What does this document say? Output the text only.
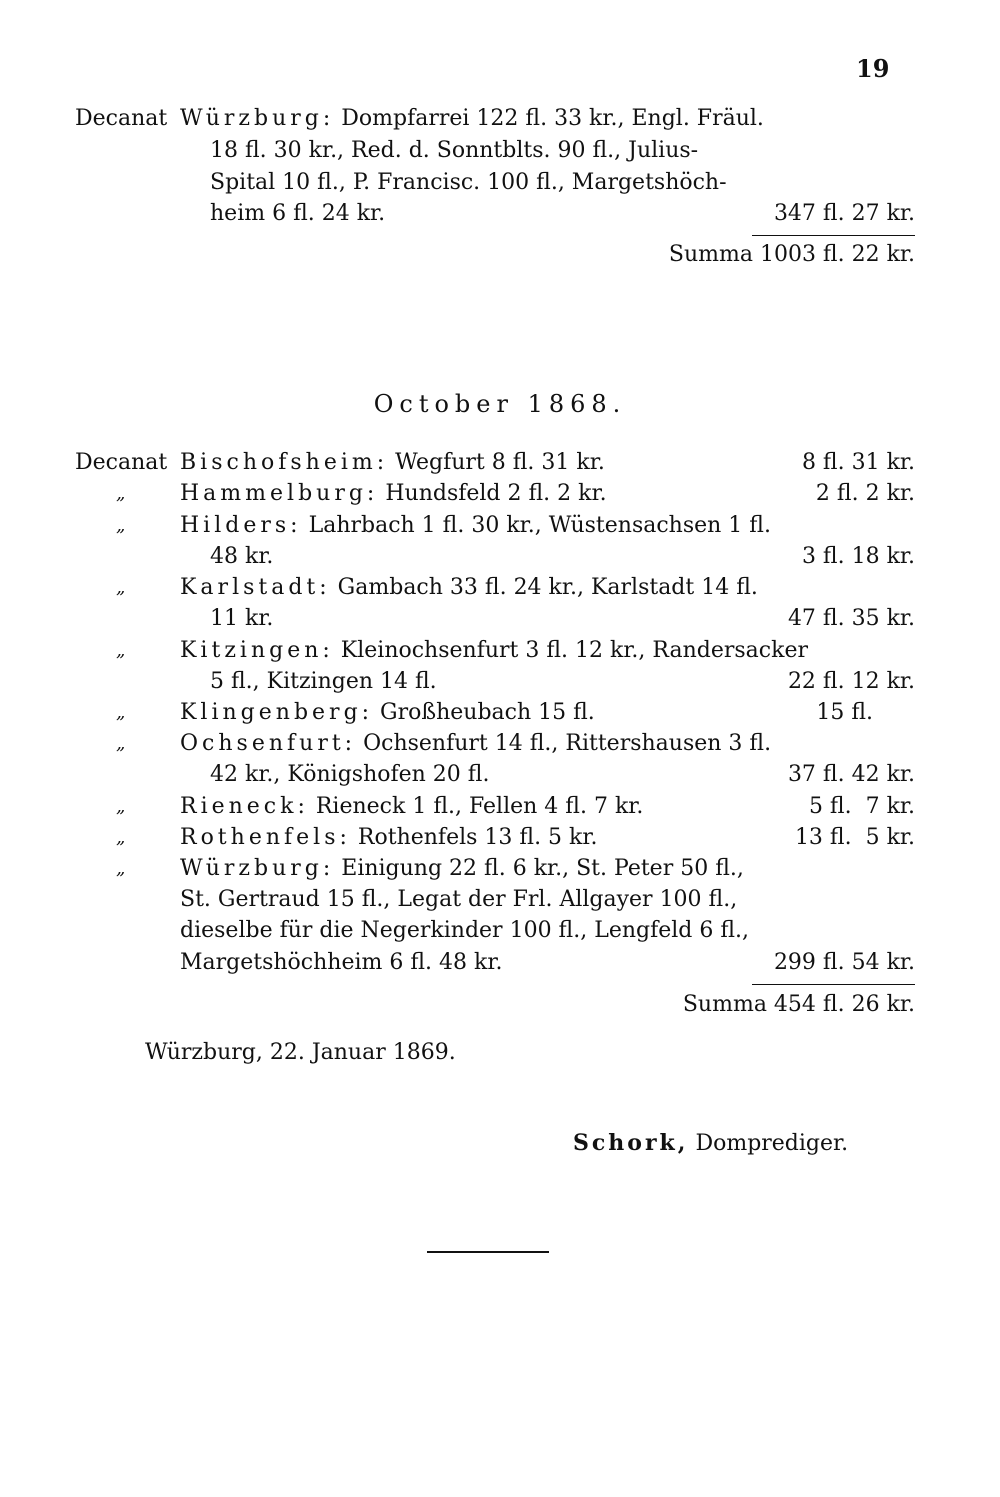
19
Decanat Würzburg: Dompfarrei 122 fl. 33 kr., Engl. Fräul.
18 fl. 30 kr., Red. d. Sonntblts. 90 fl., Julius-
Spital 10 fl., P. Francisc. 100 fl., Margetshöch-
heim 6 fl. 24 kr.	347 fl. 27 kr.
Summa 1003 fl. 22 kr.
October 1868.
Decanat Bischofsheim: Wegfurt 8 fl. 31 kr.	8 fl. 31 kr.
„ Hammelburg: Hundsfeld 2 fl. 2 kr.	2 fl. 2 kr.
„ Hilders: Lahrbach 1 fl. 30 kr., Wüstensachsen 1 fl.
48 kr.	3 fl. 18 kr.
„ Karlstadt: Gambach 33 fl. 24 kr., Karlstadt 14 fl.
11 kr.	47 fl. 35 kr.
„ Kitzingen: Kleinochsenfurt 3 fl. 12 kr., Randersacker
5 fl., Kitzingen 14 fl.	22 fl. 12 kr.
„ Klingenberg: Großheubach 15 fl.	15 fl.
„ Ochsenfurt: Ochsenfurt 14 fl., Rittershausen 3 fl.
42 kr., Königshofen 20 fl.	37 fl. 42 kr.
„ Rieneck: Rieneck 1 fl., Fellen 4 fl. 7 kr.	5 fl.  7 kr.
„ Rothenfels: Rothenfels 13 fl. 5 kr.	13 fl.  5 kr.
„ Würzburg: Einigung 22 fl. 6 kr., St. Peter 50 fl.,
St. Gertraud 15 fl., Legat der Frl. Allgayer 100 fl.,
dieselbe für die Negerkinder 100 fl., Lengfeld 6 fl.,
Margetshöchheim 6 fl. 48 kr.	299 fl. 54 kr.
Summa 454 fl. 26 kr.
Würzburg, 22. Januar 1869.
Schork, Domprediger.
